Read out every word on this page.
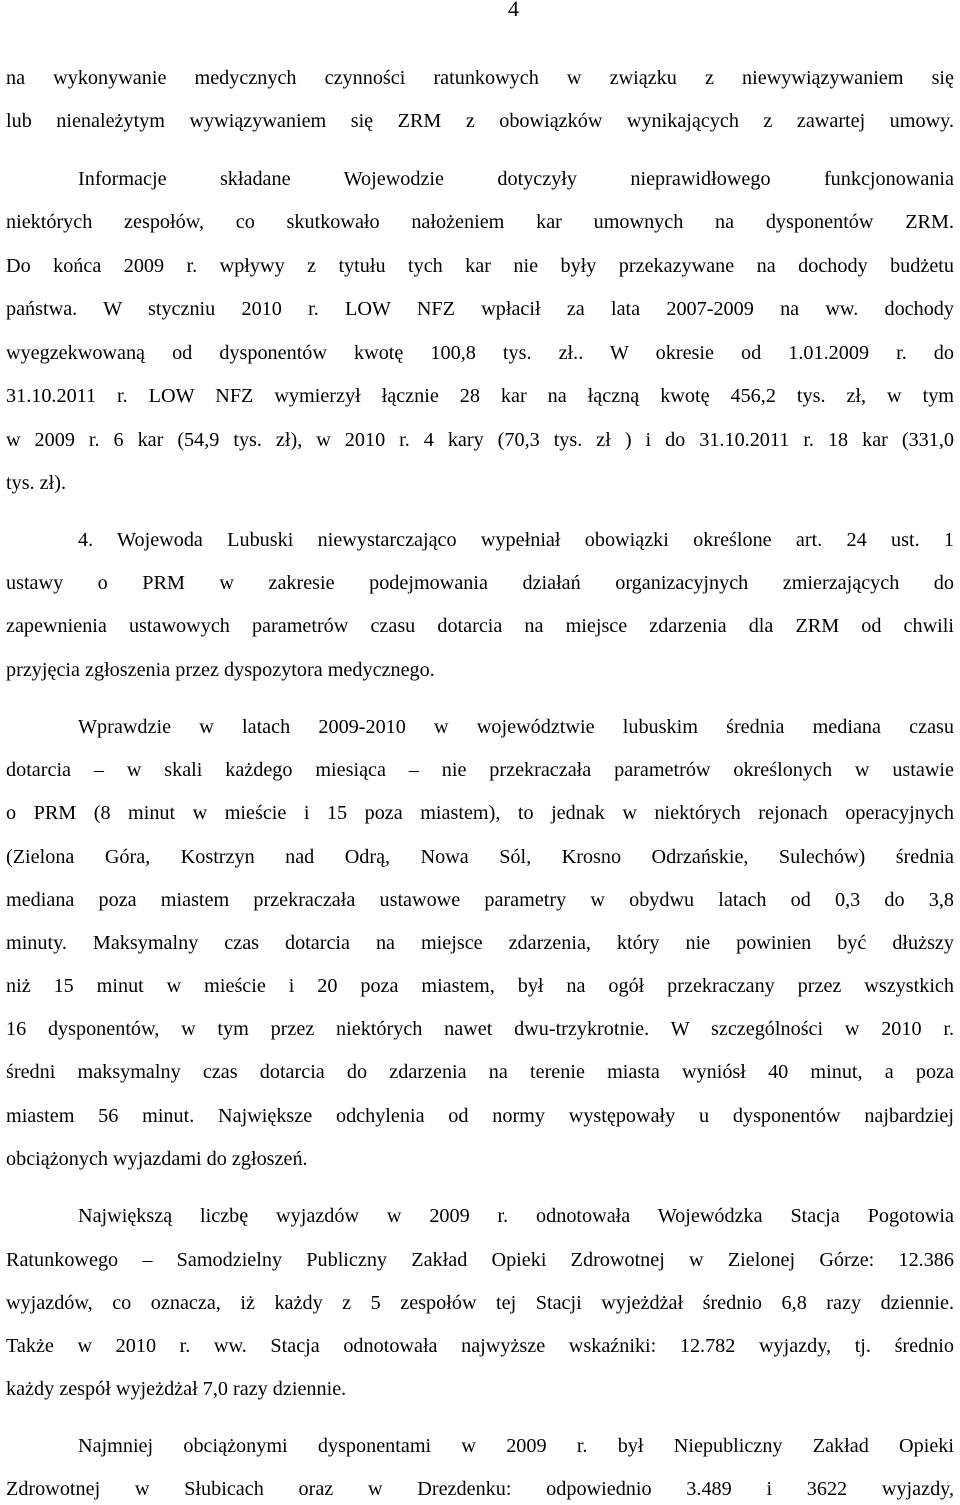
4
na wykonywanie medycznych czynności ratunkowych w związku z niewywiązywaniem się
lub nienależytym wywiązywaniem się ZRM z obowiązków wynikających z zawartej umowy.
Informacje składane Wojewodzie dotyczyły nieprawidłowego funkcjonowania
niektórych zespołów, co skutkowało nałożeniem kar umownych na dysponentów ZRM.
Do końca 2009 r. wpływy z tytułu tych kar nie były przekazywane na dochody budżetu
państwa. W styczniu 2010 r. LOW NFZ wpłacił za lata 2007-2009 na ww. dochody
wyegzekwowaną od dysponentów kwotę 100,8 tys. zł.. W okresie od 1.01.2009 r. do
31.10.2011 r. LOW NFZ wymierzył łącznie 28 kar na łączną kwotę 456,2 tys. zł, w tym
w 2009 r. 6 kar (54,9 tys. zł), w 2010 r. 4 kary (70,3 tys. zł ) i do 31.10.2011 r. 18 kar (331,0
tys. zł).
4. Wojewoda Lubuski niewystarczająco wypełniał obowiązki określone art. 24 ust. 1
ustawy o PRM w zakresie podejmowania działań organizacyjnych zmierzających do
zapewnienia ustawowych parametrów czasu dotarcia na miejsce zdarzenia dla ZRM od chwili
przyjęcia zgłoszenia przez dyspozytora medycznego.
Wprawdzie w latach 2009-2010 w województwie lubuskim średnia mediana czasu
dotarcia – w skali każdego miesiąca – nie przekraczała parametrów określonych w ustawie
o PRM (8 minut w mieście i 15 poza miastem), to jednak w niektórych rejonach operacyjnych
(Zielona Góra, Kostrzyn nad Odrą, Nowa Sól, Krosno Odrzańskie, Sulechów) średnia
mediana poza miastem przekraczała ustawowe parametry w obydwu latach od 0,3 do 3,8
minuty. Maksymalny czas dotarcia na miejsce zdarzenia, który nie powinien być dłuższy
niż 15 minut w mieście i 20 poza miastem, był na ogół przekraczany przez wszystkich
16 dysponentów, w tym przez niektórych nawet dwu-trzykrotnie. W szczególności w 2010 r.
średni maksymalny czas dotarcia do zdarzenia na terenie miasta wyniósł 40 minut, a poza
miastem 56 minut. Największe odchylenia od normy występowały u dysponentów najbardziej
obciążonych wyjazdami do zgłoszeń.
Największą liczbę wyjazdów w 2009 r. odnotowała Wojewódzka Stacja Pogotowia
Ratunkowego – Samodzielny Publiczny Zakład Opieki Zdrowotnej w Zielonej Górze: 12.386
wyjazdów, co oznacza, iż każdy z 5 zespołów tej Stacji wyjeżdżał średnio 6,8 razy dziennie.
Także w 2010 r. ww. Stacja odnotowała najwyższe wskaźniki: 12.782 wyjazdy, tj. średnio
każdy zespół wyjeżdżał 7,0 razy dziennie.
Najmniej obciążonymi dysponentami w 2009 r. był Niepubliczny Zakład Opieki
Zdrowotnej w Słubicach oraz w Drezdenku: odpowiednio 3.489 i 3622 wyjazdy,
